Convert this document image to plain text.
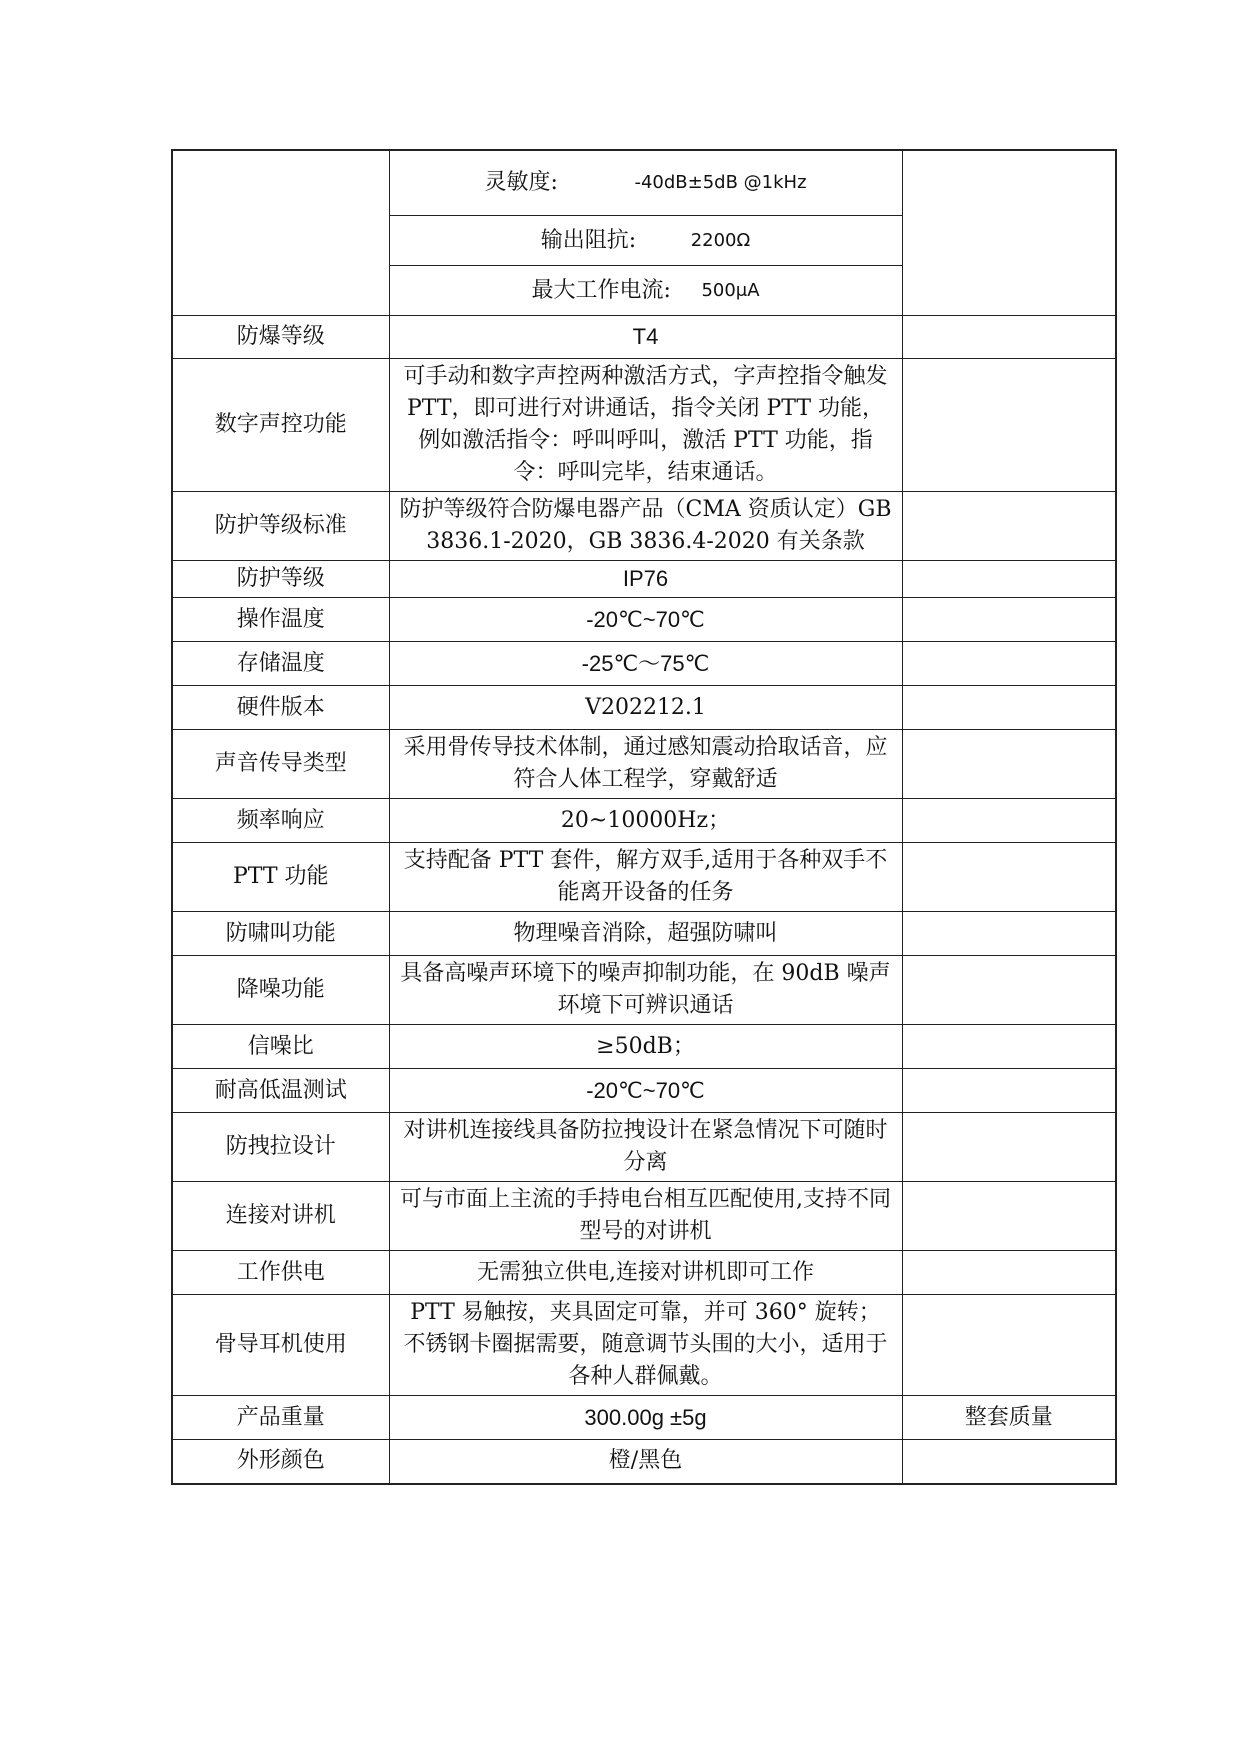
灵敏度:	-40dB±5dB @1kHz

输出阻抗:	2200Ω

最大工作电流:	500μA

防爆等级	T4	
数字声控功能	可手动和数字声控两种激活方式，字声控指令触发 PTT，即可进行对讲通话，指令关闭 PTT 功能，例如激活指令：呼叫呼叫，激活 PTT 功能，指令：呼叫完毕，结束通话。	
防护等级标准	防护等级符合防爆电器产品（CMA 资质认定）GB 3836.1-2020，GB 3836.4-2020 有关条款	
防护等级	IP76	
操作温度	-20℃~70℃	
存储温度	-25℃～75℃	
硬件版本	V202212.1	
声音传导类型	采用骨传导技术体制，通过感知震动拾取话音，应符合人体工程学，穿戴舒适	
频率响应	20~10000Hz；	
PTT 功能	支持配备 PTT 套件，解方双手,适用于各种双手不能离开设备的任务	
防啸叫功能	物理噪音消除，超强防啸叫	
降噪功能	具备高噪声环境下的噪声抑制功能，在 90dB 噪声环境下可辨识通话	
信噪比	≥50dB；	
耐高低温测试	-20℃~70℃	
防拽拉设计	对讲机连接线具备防拉拽设计在紧急情况下可随时分离	
连接对讲机	可与市面上主流的手持电台相互匹配使用,支持不同型号的对讲机	
工作供电	无需独立供电,连接对讲机即可工作	
骨导耳机使用	PTT 易触按，夹具固定可靠，并可 360° 旋转；不锈钢卡圈据需要，随意调节头围的大小，适用于各种人群佩戴。	
产品重量	300.00g ±5g	整套质量
外形颜色	橙/黑色	
